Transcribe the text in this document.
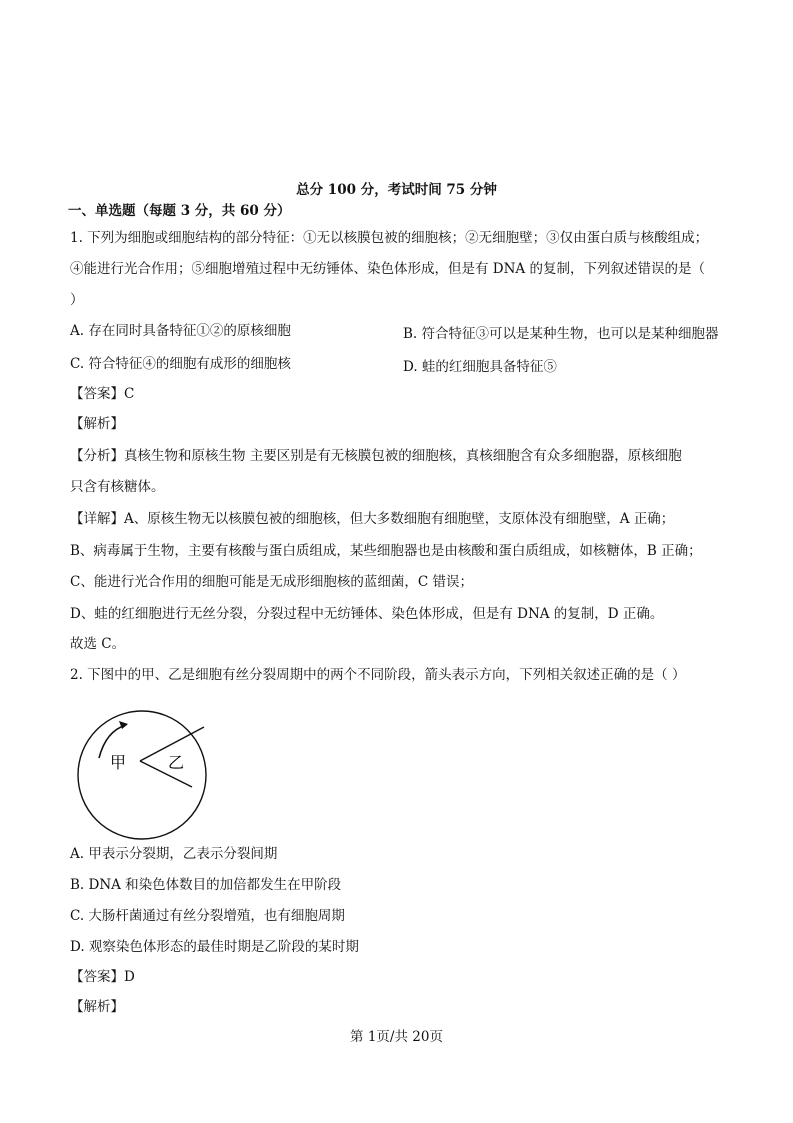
总分 100 分，考试时间 75 分钟
一、单选题（每题 3 分，共 60 分）
1. 下列为细胞或细胞结构的部分特征：①无以核膜包被的细胞核；②无细胞壁；③仅由蛋白质与核酸组成；
④能进行光合作用；⑤细胞增殖过程中无纺锤体、染色体形成，但是有 DNA 的复制，下列叙述错误的是（
）
A. 存在同时具备特征①②的原核细胞	B. 符合特征③可以是某种生物，也可以是某种细胞器
C. 符合特征④的细胞有成形的细胞核	D. 蛙的红细胞具备特征⑤
【答案】C
【解析】
【分析】真核生物和原核生物 主要区别是有无核膜包被的细胞核，真核细胞含有众多细胞器，原核细胞
只含有核糖体。
【详解】A、原核生物无以核膜包被的细胞核，但大多数细胞有细胞壁，支原体没有细胞壁，A 正确；
B、病毒属于生物，主要有核酸与蛋白质组成，某些细胞器也是由核酸和蛋白质组成，如核糖体，B 正确；
C、能进行光合作用的细胞可能是无成形细胞核的蓝细菌，C 错误；
D、蛙的红细胞进行无丝分裂，分裂过程中无纺锤体、染色体形成，但是有 DNA 的复制，D 正确。
故选 C。
2. 下图中的甲、乙是细胞有丝分裂周期中的两个不同阶段，箭头表示方向，下列相关叙述正确的是（ ）
甲	乙
A. 甲表示分裂期，乙表示分裂间期
B. DNA 和染色体数目的加倍都发生在甲阶段
C. 大肠杆菌通过有丝分裂增殖，也有细胞周期
D. 观察染色体形态的最佳时期是乙阶段的某时期
【答案】D
【解析】
第 1页/共 20页
